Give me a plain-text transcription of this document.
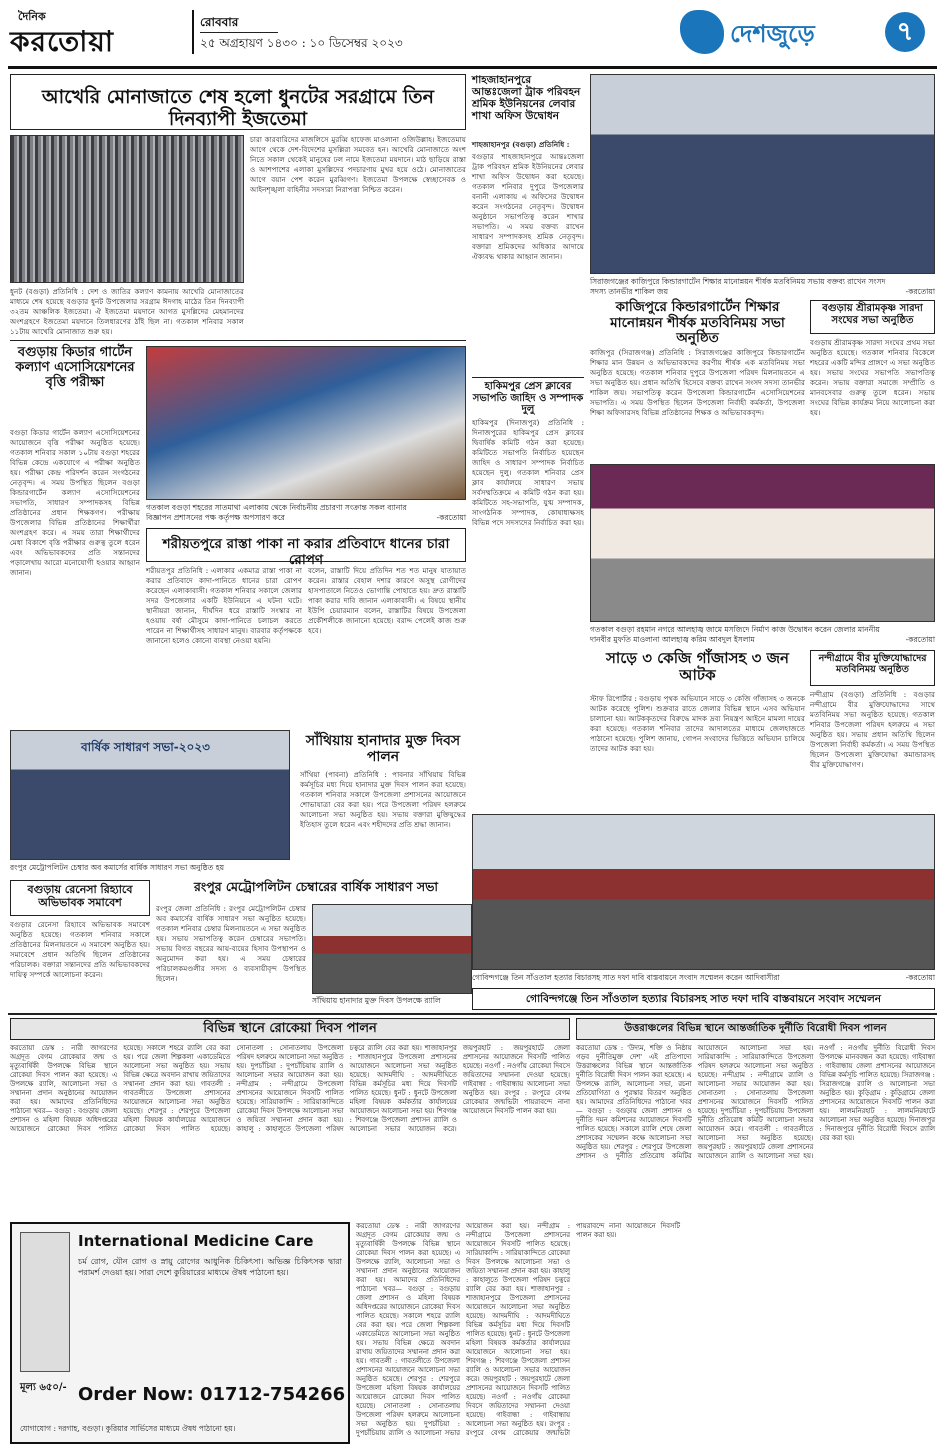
দৈনিক
করতোয়া
রোববার
২৫ অগ্রহায়ণ ১৪৩০ : ১০ ডিসেম্বর ২০২৩	দেশজুড়ে	৭
আখেরি মোনাজাতে শেষ হলো ধুনটের সরগ্রামে তিন দিনব্যাপী ইজতেমা
ধুনট (বগুড়া) প্রতিনিধি : দেশ ও জাতির কল্যাণ কামনায় আখেরি মোনাজাতের মাধ্যমে শেষ হয়েছে বগুড়ার ধুনট উপজেলার সরগ্রাম ঈদগাহ মাঠের তিন দিনব্যাপী ৩২তম আঞ্চলিক ইজতেমা। ঐ ইজতেমা ময়দানে আগত মুসল্লিদের মেহমানদের অংশগ্রহণে ইজতেমা ময়দানে তিলধারণের ঠাঁই ছিল না। গতকাল শনিবার সকাল ১১টায় আখেরি মোনাজাত শুরু হয়।
চারা কারবারিদের মাজলিসে মুরব্বি হাফেজ মাওলানা ওজিউল্লাহ। ইজতেমায় আগে থেকে দেশ-বিদেশের মুসল্লিরা সমবেত হন। আখেরি মোনাজাতে অংশ নিতে সকাল থেকেই মানুষের ঢল নামে ইজতেমা ময়দানে। মাঠ ছাড়িয়ে রাস্তা ও আশপাশের এলাকা মুসল্লিদের পদচারণায় মুখর হয়ে ওঠে। মোনাজাতের আগে বয়ান পেশ করেন মুরব্বিগণ। ইজতেমা উপলক্ষে স্বেচ্ছাসেবক ও আইনশৃঙ্খলা বাহিনীর সদস্যরা নিরাপত্তা নিশ্চিত করেন।
বগুড়ায় কিডার গার্টেন কল্যাণ এসোসিয়েশনের বৃত্তি পরীক্ষা
বগুড়া কিডার গার্টেন কল্যাণ এসোসিয়েশনের আয়োজনে বৃত্তি পরীক্ষা অনুষ্ঠিত হয়েছে। গতকাল শনিবার সকাল ১০টায় বগুড়া শহরের বিভিন্ন কেন্দ্রে একযোগে এ পরীক্ষা অনুষ্ঠিত হয়। পরীক্ষা কেন্দ্র পরিদর্শন করেন সংগঠনের নেতৃবৃন্দ। এ সময় উপস্থিত ছিলেন বগুড়া কিন্ডারগার্টেন কল্যাণ এসোসিয়েশনের সভাপতি, সাধারণ সম্পাদকসহ বিভিন্ন প্রতিষ্ঠানের প্রধান শিক্ষকগণ। পরীক্ষায় উপজেলার বিভিন্ন প্রতিষ্ঠানের শিক্ষার্থীরা অংশগ্রহণ করে। এ সময় তারা শিক্ষার্থীদের মেধা বিকাশে বৃত্তি পরীক্ষার গুরুত্ব তুলে ধরেন এবং অভিভাবকদের প্রতি সন্তানদের পড়ালেখায় আরো মনোযোগী হওয়ার আহ্বান জানান।
গতকাল বগুড়া শহরের সাতমাথা এলাকায় থেকে নির্বাচনীয় প্রচারণা সংক্রান্ত সকল ব্যানার বিজ্ঞাপন প্রশাসনের পক্ষ কর্তৃপক্ষ অপসারণ করে	-করতোয়া
শরীয়তপুরে রাস্তা পাকা না করার প্রতিবাদে ধানের চারা রোপণ
শরীয়তপুর প্রতিনিধি : এলাকার একমাত্র রাস্তা পাকা না করার প্রতিবাদে কাদা-পানিতে ধানের চারা রোপণ করেছেন এলাকাবাসী। গতকাল শনিবার সকালে জেলার সদর উপজেলার একটি ইউনিয়নে এ ঘটনা ঘটে। স্থানীয়রা জানান, দীর্ঘদিন ধরে রাস্তাটি সংস্কার না হওয়ায় বর্ষা মৌসুমে কাদা-পানিতে চলাচল করতে পারেন না শিক্ষার্থীসহ সাধারণ মানুষ। বারবার কর্তৃপক্ষকে জানানো হলেও কোনো ব্যবস্থা নেওয়া হয়নি।
বলেন, রাস্তাটি দিয়ে প্রতিদিন শত শত মানুষ যাতায়াত করেন। রাস্তার বেহাল দশার কারণে অসুস্থ রোগীদের হাসপাতালে নিতেও ভোগান্তি পোহাতে হয়। দ্রুত রাস্তাটি পাকা করার দাবি জানান এলাকাবাসী। এ বিষয়ে স্থানীয় ইউপি চেয়ারম্যান বলেন, রাস্তাটির বিষয়ে উপজেলা প্রকৌশলীকে জানানো হয়েছে। বরাদ্দ পেলেই কাজ শুরু হবে।
বার্ষিক সাধারণ সভা-২০২৩
রংপুর মেট্রোপলিটন চেম্বার অব কমার্সের বার্ষিক সাধারণ সভা অনুষ্ঠিত হয়
সাঁথিয়ায় হানাদার মুক্ত দিবস পালন
সাঁথিয়া (পাবনা) প্রতিনিধি : পাবনার সাঁথিয়ায় বিভিন্ন কর্মসূচির মধ্য দিয়ে হানাদার মুক্ত দিবস পালন করা হয়েছে। গতকাল শনিবার সকালে উপজেলা প্রশাসনের আয়োজনে শোভাযাত্রা বের করা হয়। পরে উপজেলা পরিষদ হলরুমে আলোচনা সভা অনুষ্ঠিত হয়। সভায় বক্তারা মুক্তিযুদ্ধের ইতিহাস তুলে ধরেন এবং শহীদদের প্রতি শ্রদ্ধা জানান।
বগুড়ায় রেনেসা রিহ্যাবে অভিভাবক সমাবেশ
বগুড়ার রেনেসা রিহ্যাবে অভিভাবক সমাবেশ অনুষ্ঠিত হয়েছে। গতকাল শনিবার সকালে প্রতিষ্ঠানের মিলনায়তনে এ সমাবেশ অনুষ্ঠিত হয়। সমাবেশে প্রধান অতিথি ছিলেন প্রতিষ্ঠানের পরিচালক। বক্তারা সন্তানদের প্রতি অভিভাবকদের দায়িত্ব সম্পর্কে আলোচনা করেন।
রংপুর মেট্রোপলিটন চেম্বারের বার্ষিক সাধারণ সভা
রংপুর জেলা প্রতিনিধি : রংপুর মেট্রোপলিটন চেম্বার অব কমার্সের বার্ষিক সাধারণ সভা অনুষ্ঠিত হয়েছে। গতকাল শনিবার চেম্বার মিলনায়তনে এ সভা অনুষ্ঠিত হয়। সভায় সভাপতিত্ব করেন চেম্বারের সভাপতি। সভায় বিগত বছরের আয়-ব্যয়ের হিসাব উপস্থাপন ও অনুমোদন করা হয়। এ সময় চেম্বারের পরিচালকমণ্ডলীর সদস্য ও ব্যবসায়ীবৃন্দ উপস্থিত ছিলেন।
সাঁথিয়ায় হানাদার মুক্ত দিবস উপলক্ষে র‍্যালি
শাহজাহানপুরে আন্তঃজেলা ট্রাক পরিবহন শ্রমিক ইউনিয়নের লেবার শাখা অফিস উদ্বোধন
শাহজাহানপুর (বগুড়া) প্রতিনিধি :
বগুড়ার শাহজাহানপুরে আন্তঃজেলা ট্রাক পরিবহন শ্রমিক ইউনিয়নের লেবার শাখা অফিস উদ্বোধন করা হয়েছে। গতকাল শনিবার দুপুরে উপজেলার বনানী এলাকায় এ অফিসের উদ্বোধন করেন সংগঠনের নেতৃবৃন্দ। উদ্বোধন অনুষ্ঠানে সভাপতিত্ব করেন শাখার সভাপতি। এ সময় বক্তব্য রাখেন সাধারণ সম্পাদকসহ শ্রমিক নেতৃবৃন্দ। বক্তারা শ্রমিকদের অধিকার আদায়ে ঐক্যবদ্ধ থাকার আহ্বান জানান।
হাকিমপুর প্রেস ক্লাবের সভাপতি জাহিদ ও সম্পাদক দুলু
হাকিমপুর (দিনাজপুর) প্রতিনিধি : দিনাজপুরের হাকিমপুর প্রেস ক্লাবের দ্বিবার্ষিক কমিটি গঠন করা হয়েছে। কমিটিতে সভাপতি নির্বাচিত হয়েছেন জাহিদ ও সাধারণ সম্পাদক নির্বাচিত হয়েছেন দুলু। গতকাল শনিবার প্রেস ক্লাব কার্যালয়ে সাধারণ সভায় সর্বসম্মতিক্রমে এ কমিটি গঠন করা হয়। কমিটিতে সহ-সভাপতি, যুগ্ম সম্পাদক, সাংগঠনিক সম্পাদক, কোষাধ্যক্ষসহ বিভিন্ন পদে সদস্যদের নির্বাচিত করা হয়।
সিরাজগঞ্জের কাজিপুরে কিন্ডারগার্টেন শিক্ষার মানোন্নয়ন শীর্ষক মতবিনিময় সভায় বক্তব্য রাখেন সংসদ সদস্য তানভীর শাকিল জয়	-করতোয়া
কাজিপুরে কিন্ডারগার্টেন শিক্ষার মানোন্নয়ন শীর্ষক মতবিনিময় সভা অনুষ্ঠিত
কাজিপুর (সিরাজগঞ্জ) প্রতিনিধি : সিরাজগঞ্জের কাজিপুরে কিন্ডারগার্টেন শিক্ষার মান উন্নয়ন ও অভিভাবকদের করণীয় শীর্ষক এক মতবিনিময় সভা অনুষ্ঠিত হয়েছে। গতকাল শনিবার দুপুরে উপজেলা পরিষদ মিলনায়তনে এ সভা অনুষ্ঠিত হয়। প্রধান অতিথি হিসেবে বক্তব্য রাখেন সংসদ সদস্য তানভীর শাকিল জয়। সভাপতিত্ব করেন উপজেলা কিন্ডারগার্টেন এসোসিয়েশনের সভাপতি। এ সময় উপস্থিত ছিলেন উপজেলা নির্বাহী কর্মকর্তা, উপজেলা শিক্ষা অফিসারসহ বিভিন্ন প্রতিষ্ঠানের শিক্ষক ও অভিভাবকবৃন্দ।
বগুড়ায় শ্রীরামকৃষ্ণ সারদা সংঘের সভা অনুষ্ঠিত
বগুড়ায় শ্রীরামকৃষ্ণ সারদা সংঘের প্রথম সভা অনুষ্ঠিত হয়েছে। গতকাল শনিবার বিকেলে শহরের একটি মন্দির প্রাঙ্গণে এ সভা অনুষ্ঠিত হয়। সভায় সংঘের সভাপতি সভাপতিত্ব করেন। সভায় বক্তারা সমাজে সম্প্রীতি ও মানবসেবার গুরুত্ব তুলে ধরেন। সভায় সংঘের বিভিন্ন কার্যক্রম নিয়ে আলোচনা করা হয়।
গতকাল বগুড়া রহমান নগরে আলহাজ্ব জামে মসজিদে নির্মাণ কাজ উদ্বোধন করেন জেলার মাননীয় দানবীর মুফতি মাওলানা আলহাজ্ব করিম আবদুল ইসলাম	-করতোয়া
সাড়ে ৩ কেজি গাঁজাসহ ৩ জন আটক
স্টাফ রিপোর্টার : বগুড়ায় পৃথক অভিযানে সাড়ে ৩ কেজি গাঁজাসহ ৩ জনকে আটক করেছে পুলিশ। শুক্রবার রাতে জেলার বিভিন্ন স্থানে এসব অভিযান চালানো হয়। আটককৃতদের বিরুদ্ধে মাদক দ্রব্য নিয়ন্ত্রণ আইনে মামলা দায়ের করা হয়েছে। গতকাল শনিবার তাদের আদালতের মাধ্যমে জেলহাজতে পাঠানো হয়েছে। পুলিশ জানায়, গোপন সংবাদের ভিত্তিতে অভিযান চালিয়ে তাদের আটক করা হয়।
নন্দীগ্রামে বীর মুক্তিযোদ্ধাদের মতবিনিময় অনুষ্ঠিত
নন্দীগ্রাম (বগুড়া) প্রতিনিধি : বগুড়ার নন্দীগ্রামে বীর মুক্তিযোদ্ধাদের সাথে মতবিনিময় সভা অনুষ্ঠিত হয়েছে। গতকাল শনিবার উপজেলা পরিষদ হলরুমে এ সভা অনুষ্ঠিত হয়। সভায় প্রধান অতিথি ছিলেন উপজেলা নির্বাহী কর্মকর্তা। এ সময় উপস্থিত ছিলেন উপজেলা মুক্তিযোদ্ধা কমান্ডারসহ বীর মুক্তিযোদ্ধাগণ।
গোবিন্দগঞ্জে তিন সাঁওতাল হত্যার বিচারসহ সাত দফা দাবি বাস্তবায়নে সংবাদ সম্মেলন করেন আদিবাসীরা	-করতোয়া
গোবিন্দগঞ্জে তিন সাঁওতাল হত্যার বিচারসহ সাত দফা দাবি বাস্তবায়নে সংবাদ সম্মেলন
বিভিন্ন স্থানে রোকেয়া দিবস পালন
করতোয়া ডেস্ক : নারী জাগরণের অগ্রদূত বেগম রোকেয়ার জন্ম ও মৃত্যুবার্ষিকী উপলক্ষে বিভিন্ন স্থানে রোকেয়া দিবস পালন করা হয়েছে। এ উপলক্ষে র‍্যালি, আলোচনা সভা ও সম্মাননা প্রদান অনুষ্ঠানের আয়োজন করা হয়। আমাদের প্রতিনিধিদের পাঠানো খবর— বগুড়া : বগুড়ায় জেলা প্রশাসন ও মহিলা বিষয়ক অধিদপ্তরের আয়োজনে রোকেয়া দিবস পালিত হয়েছে। সকালে শহরে র‍্যালি বের করা হয়। পরে জেলা শিল্পকলা একাডেমিতে আলোচনা সভা অনুষ্ঠিত হয়। সভায় বিভিন্ন ক্ষেত্রে অবদান রাখায় জয়িতাদের সম্মাননা প্রদান করা হয়। গাবতলী : গাবতলীতে উপজেলা প্রশাসনের আয়োজনে আলোচনা সভা অনুষ্ঠিত হয়েছে। শেরপুর : শেরপুরে উপজেলা মহিলা বিষয়ক কার্যালয়ের আয়োজনে রোকেয়া দিবস পালিত হয়েছে। সোনাতলা : সোনাতলায় উপজেলা পরিষদ হলরুমে আলোচনা সভা অনুষ্ঠিত হয়। দুপচাঁচিয়া : দুপচাঁচিয়ায় র‍্যালি ও আলোচনা সভার আয়োজন করা হয়। নন্দীগ্রাম : নন্দীগ্রামে উপজেলা প্রশাসনের আয়োজনে দিবসটি পালিত হয়েছে। সারিয়াকান্দি : সারিয়াকান্দিতে রোকেয়া দিবস উপলক্ষে আলোচনা সভা ও জয়িতা সম্মাননা প্রদান করা হয়। কাহালু : কাহালুতে উপজেলা পরিষদ চত্বরে র‍্যালি বের করা হয়। শাজাহানপুর : শাজাহানপুরে উপজেলা প্রশাসনের আয়োজনে আলোচনা সভা অনুষ্ঠিত হয়েছে। আদমদীঘি : আদমদীঘিতে বিভিন্ন কর্মসূচির মধ্য দিয়ে দিবসটি পালিত হয়েছে। ধুনট : ধুনটে উপজেলা মহিলা বিষয়ক কর্মকর্তার কার্যালয়ের আয়োজনে আলোচনা সভা হয়। শিবগঞ্জ : শিবগঞ্জে উপজেলা প্রশাসন র‍্যালি ও আলোচনা সভার আয়োজন করে। জয়পুরহাট : জয়পুরহাটে জেলা প্রশাসনের আয়োজনে দিবসটি পালিত হয়েছে। নওগাঁ : নওগাঁয় রোকেয়া দিবসে জয়িতাদের সম্মাননা দেওয়া হয়েছে। গাইবান্ধা : গাইবান্ধায় আলোচনা সভা অনুষ্ঠিত হয়। রংপুর : রংপুরে বেগম রোকেয়ার জন্মভিটা পায়রাবন্দে নানা আয়োজনে দিবসটি পালন করা হয়।
International Medicine Care
চর্ম রোগ, যৌন রোগ ও স্নায়ু রোগের আধুনিক চিকিৎসা। অভিজ্ঞ চিকিৎসক দ্বারা পরামর্শ দেওয়া হয়। সারা দেশে কুরিয়ারের মাধ্যমে ঔষধ পাঠানো হয়।
Order Now: 01712-754266
মূল্য ৬৫০/-
যোগাযোগ : দরগাহ, বগুড়া। কুরিয়ার সার্ভিসের মাধ্যমে ঔষধ পাঠানো হয়।
করতোয়া ডেস্ক : নারী জাগরণের অগ্রদূত বেগম রোকেয়ার জন্ম ও মৃত্যুবার্ষিকী উপলক্ষে বিভিন্ন স্থানে রোকেয়া দিবস পালন করা হয়েছে। এ উপলক্ষে র‍্যালি, আলোচনা সভা ও সম্মাননা প্রদান অনুষ্ঠানের আয়োজন করা হয়। আমাদের প্রতিনিধিদের পাঠানো খবর— বগুড়া : বগুড়ায় জেলা প্রশাসন ও মহিলা বিষয়ক অধিদপ্তরের আয়োজনে রোকেয়া দিবস পালিত হয়েছে। সকালে শহরে র‍্যালি বের করা হয়। পরে জেলা শিল্পকলা একাডেমিতে আলোচনা সভা অনুষ্ঠিত হয়। সভায় বিভিন্ন ক্ষেত্রে অবদান রাখায় জয়িতাদের সম্মাননা প্রদান করা হয়। গাবতলী : গাবতলীতে উপজেলা প্রশাসনের আয়োজনে আলোচনা সভা অনুষ্ঠিত হয়েছে। শেরপুর : শেরপুরে উপজেলা মহিলা বিষয়ক কার্যালয়ের আয়োজনে রোকেয়া দিবস পালিত হয়েছে। সোনাতলা : সোনাতলায় উপজেলা পরিষদ হলরুমে আলোচনা সভা অনুষ্ঠিত হয়। দুপচাঁচিয়া : দুপচাঁচিয়ায় র‍্যালি ও আলোচনা সভার আয়োজন করা হয়। নন্দীগ্রাম : নন্দীগ্রামে উপজেলা প্রশাসনের আয়োজনে দিবসটি পালিত হয়েছে। সারিয়াকান্দি : সারিয়াকান্দিতে রোকেয়া দিবস উপলক্ষে আলোচনা সভা ও জয়িতা সম্মাননা প্রদান করা হয়। কাহালু : কাহালুতে উপজেলা পরিষদ চত্বরে র‍্যালি বের করা হয়। শাজাহানপুর : শাজাহানপুরে উপজেলা প্রশাসনের আয়োজনে আলোচনা সভা অনুষ্ঠিত হয়েছে। আদমদীঘি : আদমদীঘিতে বিভিন্ন কর্মসূচির মধ্য দিয়ে দিবসটি পালিত হয়েছে। ধুনট : ধুনটে উপজেলা মহিলা বিষয়ক কর্মকর্তার কার্যালয়ের আয়োজনে আলোচনা সভা হয়। শিবগঞ্জ : শিবগঞ্জে উপজেলা প্রশাসন র‍্যালি ও আলোচনা সভার আয়োজন করে। জয়পুরহাট : জয়পুরহাটে জেলা প্রশাসনের আয়োজনে দিবসটি পালিত হয়েছে। নওগাঁ : নওগাঁয় রোকেয়া দিবসে জয়িতাদের সম্মাননা দেওয়া হয়েছে। গাইবান্ধা : গাইবান্ধায় আলোচনা সভা অনুষ্ঠিত হয়। রংপুর : রংপুরে বেগম রোকেয়ার জন্মভিটা পায়রাবন্দে নানা আয়োজনে দিবসটি পালন করা হয়।
উত্তরাঞ্চলের বিভিন্ন স্থানে আন্তর্জাতিক দুর্নীতি বিরোধী দিবস পালন
করতোয়া ডেস্ক : 'উদ্যম, শক্তি ও নিষ্ঠায় গড়ব দুর্নীতিমুক্ত দেশ' এই প্রতিপাদ্যে উত্তরাঞ্চলের বিভিন্ন স্থানে আন্তর্জাতিক দুর্নীতি বিরোধী দিবস পালন করা হয়েছে। এ উপলক্ষে র‍্যালি, আলোচনা সভা, রচনা প্রতিযোগিতা ও পুরস্কার বিতরণ অনুষ্ঠিত হয়। আমাদের প্রতিনিধিদের পাঠানো খবর— বগুড়া : বগুড়ায় জেলা প্রশাসন ও দুর্নীতি দমন কমিশনের আয়োজনে দিবসটি পালিত হয়েছে। সকালে র‍্যালি শেষে জেলা প্রশাসকের সম্মেলন কক্ষে আলোচনা সভা অনুষ্ঠিত হয়। শেরপুর : শেরপুরে উপজেলা প্রশাসন ও দুর্নীতি প্রতিরোধ কমিটির আয়োজনে আলোচনা সভা হয়। সারিয়াকান্দি : সারিয়াকান্দিতে উপজেলা পরিষদ হলরুমে আলোচনা সভা অনুষ্ঠিত হয়েছে। নন্দীগ্রাম : নন্দীগ্রামে র‍্যালি ও আলোচনা সভার আয়োজন করা হয়। সোনাতলা : সোনাতলায় উপজেলা প্রশাসনের আয়োজনে দিবসটি পালিত হয়েছে। দুপচাঁচিয়া : দুপচাঁচিয়ায় উপজেলা দুর্নীতি প্রতিরোধ কমিটি আলোচনা সভার আয়োজন করে। গাবতলী : গাবতলীতে আলোচনা সভা অনুষ্ঠিত হয়েছে। জয়পুরহাট : জয়পুরহাটে জেলা প্রশাসনের আয়োজনে র‍্যালি ও আলোচনা সভা হয়। নওগাঁ : নওগাঁয় দুর্নীতি বিরোধী দিবস উপলক্ষে মানববন্ধন করা হয়েছে। গাইবান্ধা : গাইবান্ধায় জেলা প্রশাসনের আয়োজনে বিভিন্ন কর্মসূচি পালিত হয়েছে। সিরাজগঞ্জ : সিরাজগঞ্জে র‍্যালি ও আলোচনা সভা অনুষ্ঠিত হয়। কুড়িগ্রাম : কুড়িগ্রামে জেলা প্রশাসনের আয়োজনে দিবসটি পালন করা হয়। লালমনিরহাট : লালমনিরহাটে আলোচনা সভা অনুষ্ঠিত হয়েছে। দিনাজপুর : দিনাজপুরে দুর্নীতি বিরোধী দিবসে র‍্যালি বের করা হয়।
